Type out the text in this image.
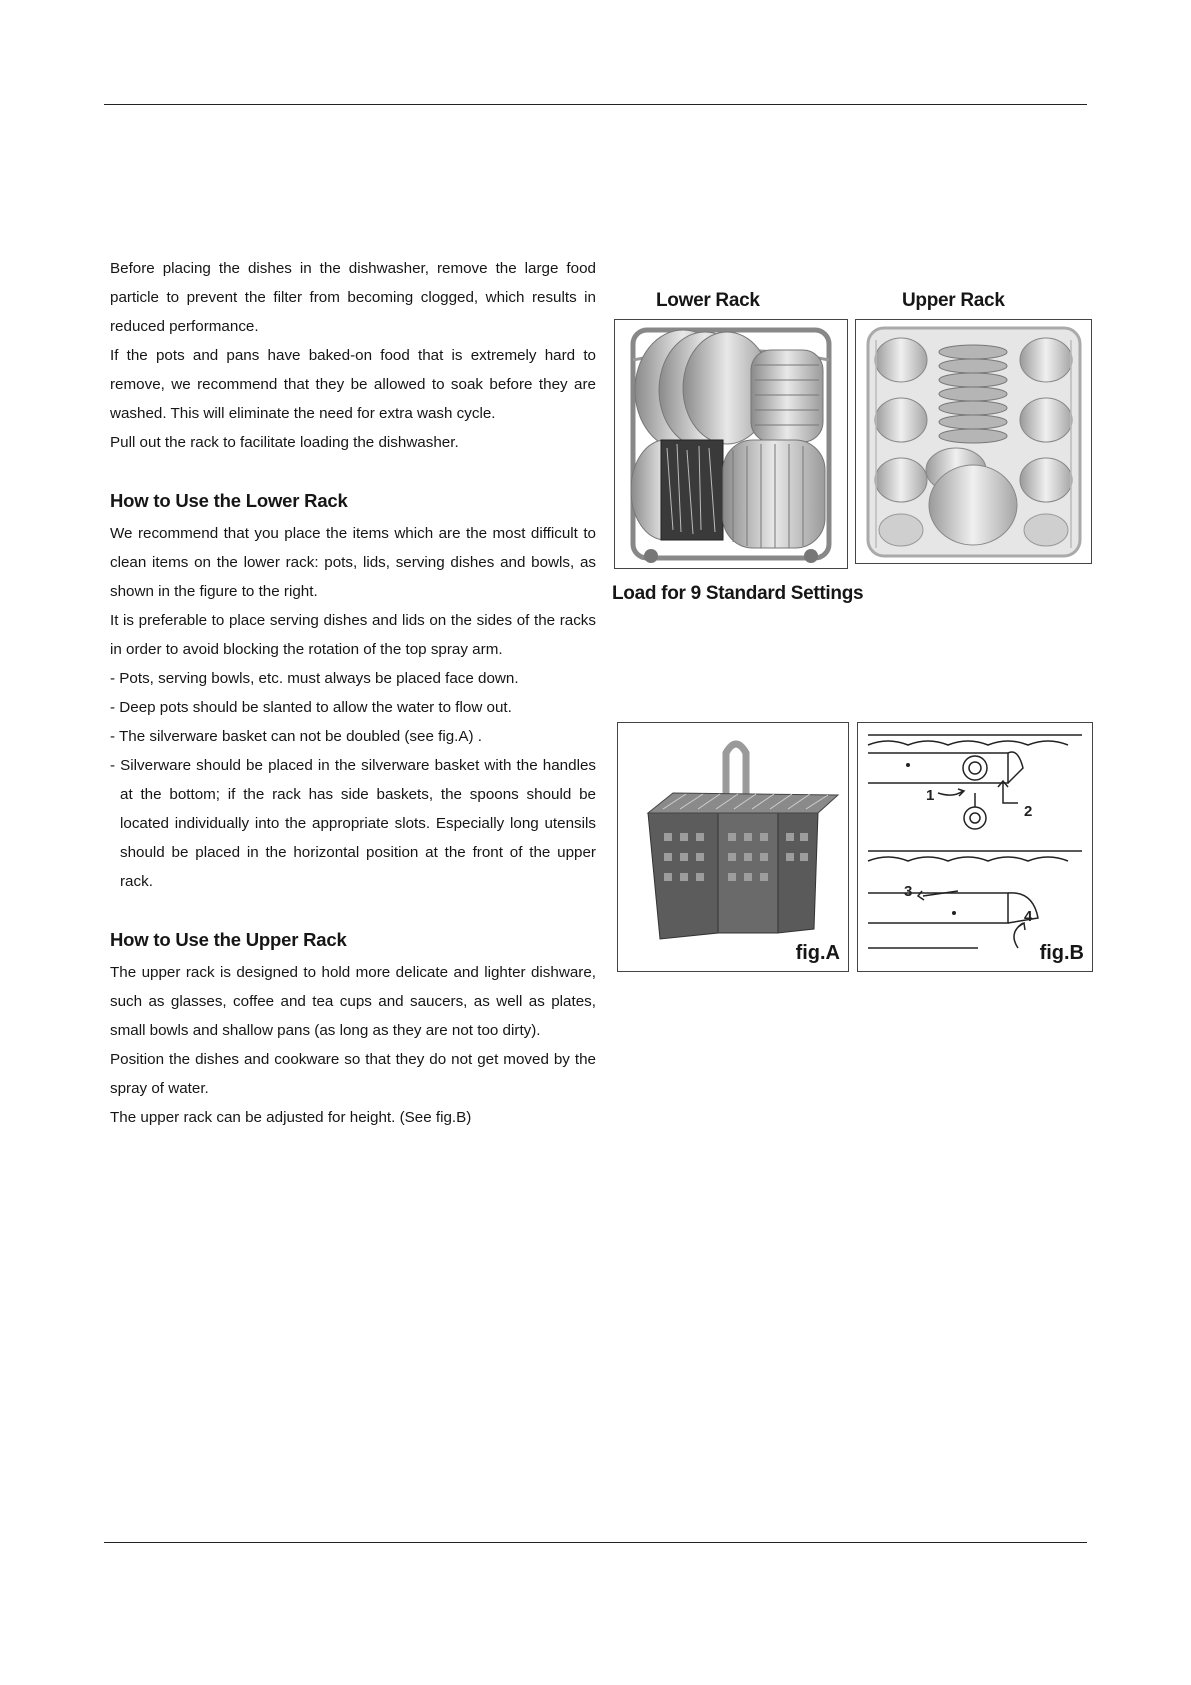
Before placing the dishes in the dishwasher, remove the large food particle to prevent the filter from becoming clogged, which results in reduced performance.

If the pots and pans have baked-on food that is extremely hard to remove, we recommend that they be allowed to soak before they are washed. This will eliminate the need for extra wash cycle.

Pull out the rack to facilitate loading the dishwasher.

How to Use the Lower Rack

We recommend that you place the items which are the most difficult to clean items on the lower rack: pots, lids, serving dishes and bowls, as shown in the figure to the right.

It is preferable to place serving dishes and lids on the sides of the racks in order to avoid blocking the rotation of the top spray arm.

- Pots, serving bowls, etc. must always be placed face down.

- Deep pots should be slanted to allow the water to flow out.

- The silverware basket can not be doubled (see fig.A) .

- Silverware should be placed in the silverware basket with the handles at the bottom; if the rack has side baskets, the spoons should be located individually into the appropriate slots. Especially long utensils should be placed in the horizontal position at the front of the upper rack.

How to Use the Upper Rack

The upper rack is designed to hold more delicate and lighter dishware, such as glasses, coffee and tea cups and saucers, as well as plates, small bowls and shallow pans (as long as they are not too dirty).

Position the dishes and cookware so that they do not get moved by the spray of water.

The upper rack can be adjusted for height. (See fig.B)

Lower Rack	Upper Rack
Load for 9 Standard Settings
fig.A
1
2
3
4
fig.B
